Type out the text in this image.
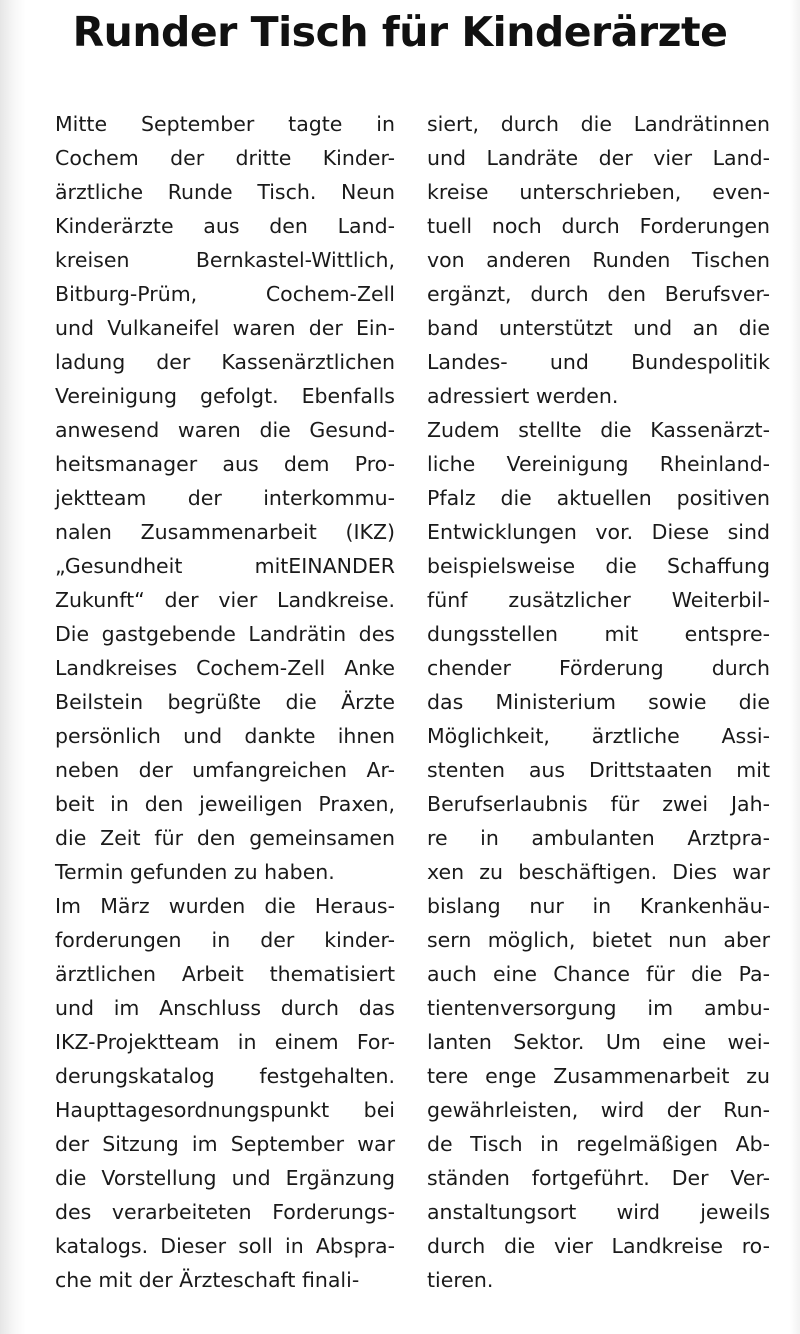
Runder Tisch für Kinderärzte
Mitte September tagte in
Cochem der dritte Kinder-
ärztliche Runde Tisch. Neun
Kinderärzte aus den Land-
kreisen Bernkastel-Wittlich,
Bitburg-Prüm, Cochem-Zell
und Vulkaneifel waren der Ein-
ladung der Kassenärztlichen
Vereinigung gefolgt. Ebenfalls
anwesend waren die Gesund-
heitsmanager aus dem Pro-
jektteam der interkommu-
nalen Zusammenarbeit (IKZ)
„Gesundheit mitEINANDER
Zukunft“ der vier Landkreise.
Die gastgebende Landrätin des
Landkreises Cochem-Zell Anke
Beilstein begrüßte die Ärzte
persönlich und dankte ihnen
neben der umfangreichen Ar-
beit in den jeweiligen Praxen,
die Zeit für den gemeinsamen
Termin gefunden zu haben.
Im März wurden die Heraus-
forderungen in der kinder-
ärztlichen Arbeit thematisiert
und im Anschluss durch das
IKZ-Projektteam in einem For-
derungskatalog festgehalten.
Haupttagesordnungspunkt bei
der Sitzung im September war
die Vorstellung und Ergänzung
des verarbeiteten Forderungs-
katalogs. Dieser soll in Abspra-
che mit der Ärzteschaft finali-
siert, durch die Landrätinnen
und Landräte der vier Land-
kreise unterschrieben, even-
tuell noch durch Forderungen
von anderen Runden Tischen
ergänzt, durch den Berufsver-
band unterstützt und an die
Landes- und Bundespolitik
adressiert werden.
Zudem stellte die Kassenärzt-
liche Vereinigung Rheinland-
Pfalz die aktuellen positiven
Entwicklungen vor. Diese sind
beispielsweise die Schaffung
fünf zusätzlicher Weiterbil-
dungsstellen mit entspre-
chender Förderung durch
das Ministerium sowie die
Möglichkeit, ärztliche Assi-
stenten aus Drittstaaten mit
Berufserlaubnis für zwei Jah-
re in ambulanten Arztpra-
xen zu beschäftigen. Dies war
bislang nur in Krankenhäu-
sern möglich, bietet nun aber
auch eine Chance für die Pa-
tientenversorgung im ambu-
lanten Sektor. Um eine wei-
tere enge Zusammenarbeit zu
gewährleisten, wird der Run-
de Tisch in regelmäßigen Ab-
ständen fortgeführt. Der Ver-
anstaltungsort wird jeweils
durch die vier Landkreise ro-
tieren.
